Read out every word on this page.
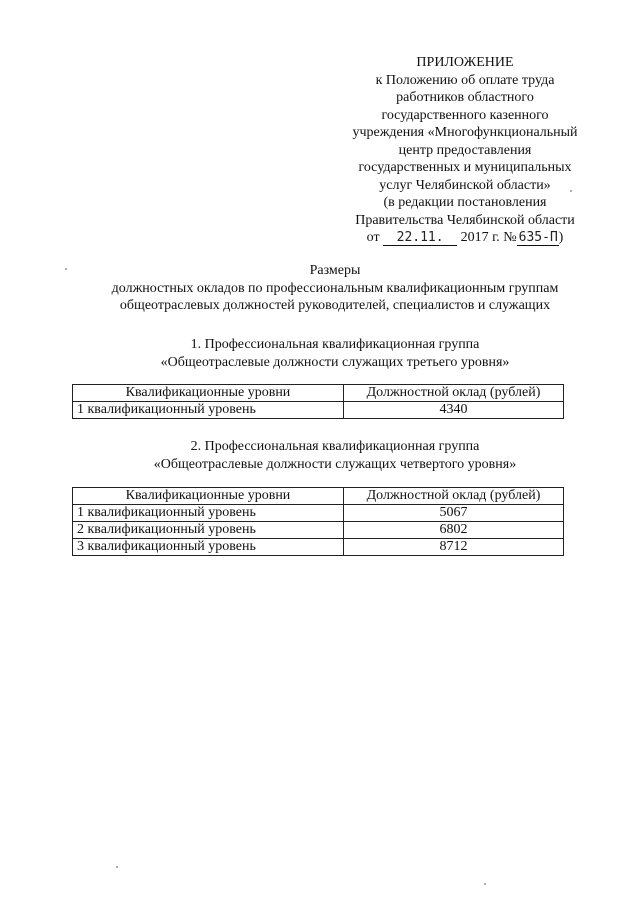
ПРИЛОЖЕНИЕ
к Положению об оплате труда
работников областного
государственного казенного
учреждения «Многофункциональный
центр предоставления
государственных и муниципальных
услуг Челябинской области»
(в редакции постановления
Правительства Челябинской области
от 22.11. 2017 г. № 635-П)
Размеры
должностных окладов по профессиональным квалификационным группам
общеотраслевых должностей руководителей, специалистов и служащих
1. Профессиональная квалификационная группа
«Общеотраслевые должности служащих третьего уровня»
Квалификационные уровни	Должностной оклад (рублей)
1 квалификационный уровень	4340
2. Профессиональная квалификационная группа
«Общеотраслевые должности служащих четвертого уровня»
Квалификационные уровни	Должностной оклад (рублей)
1 квалификационный уровень	5067
2 квалификационный уровень	6802
3 квалификационный уровень	8712
